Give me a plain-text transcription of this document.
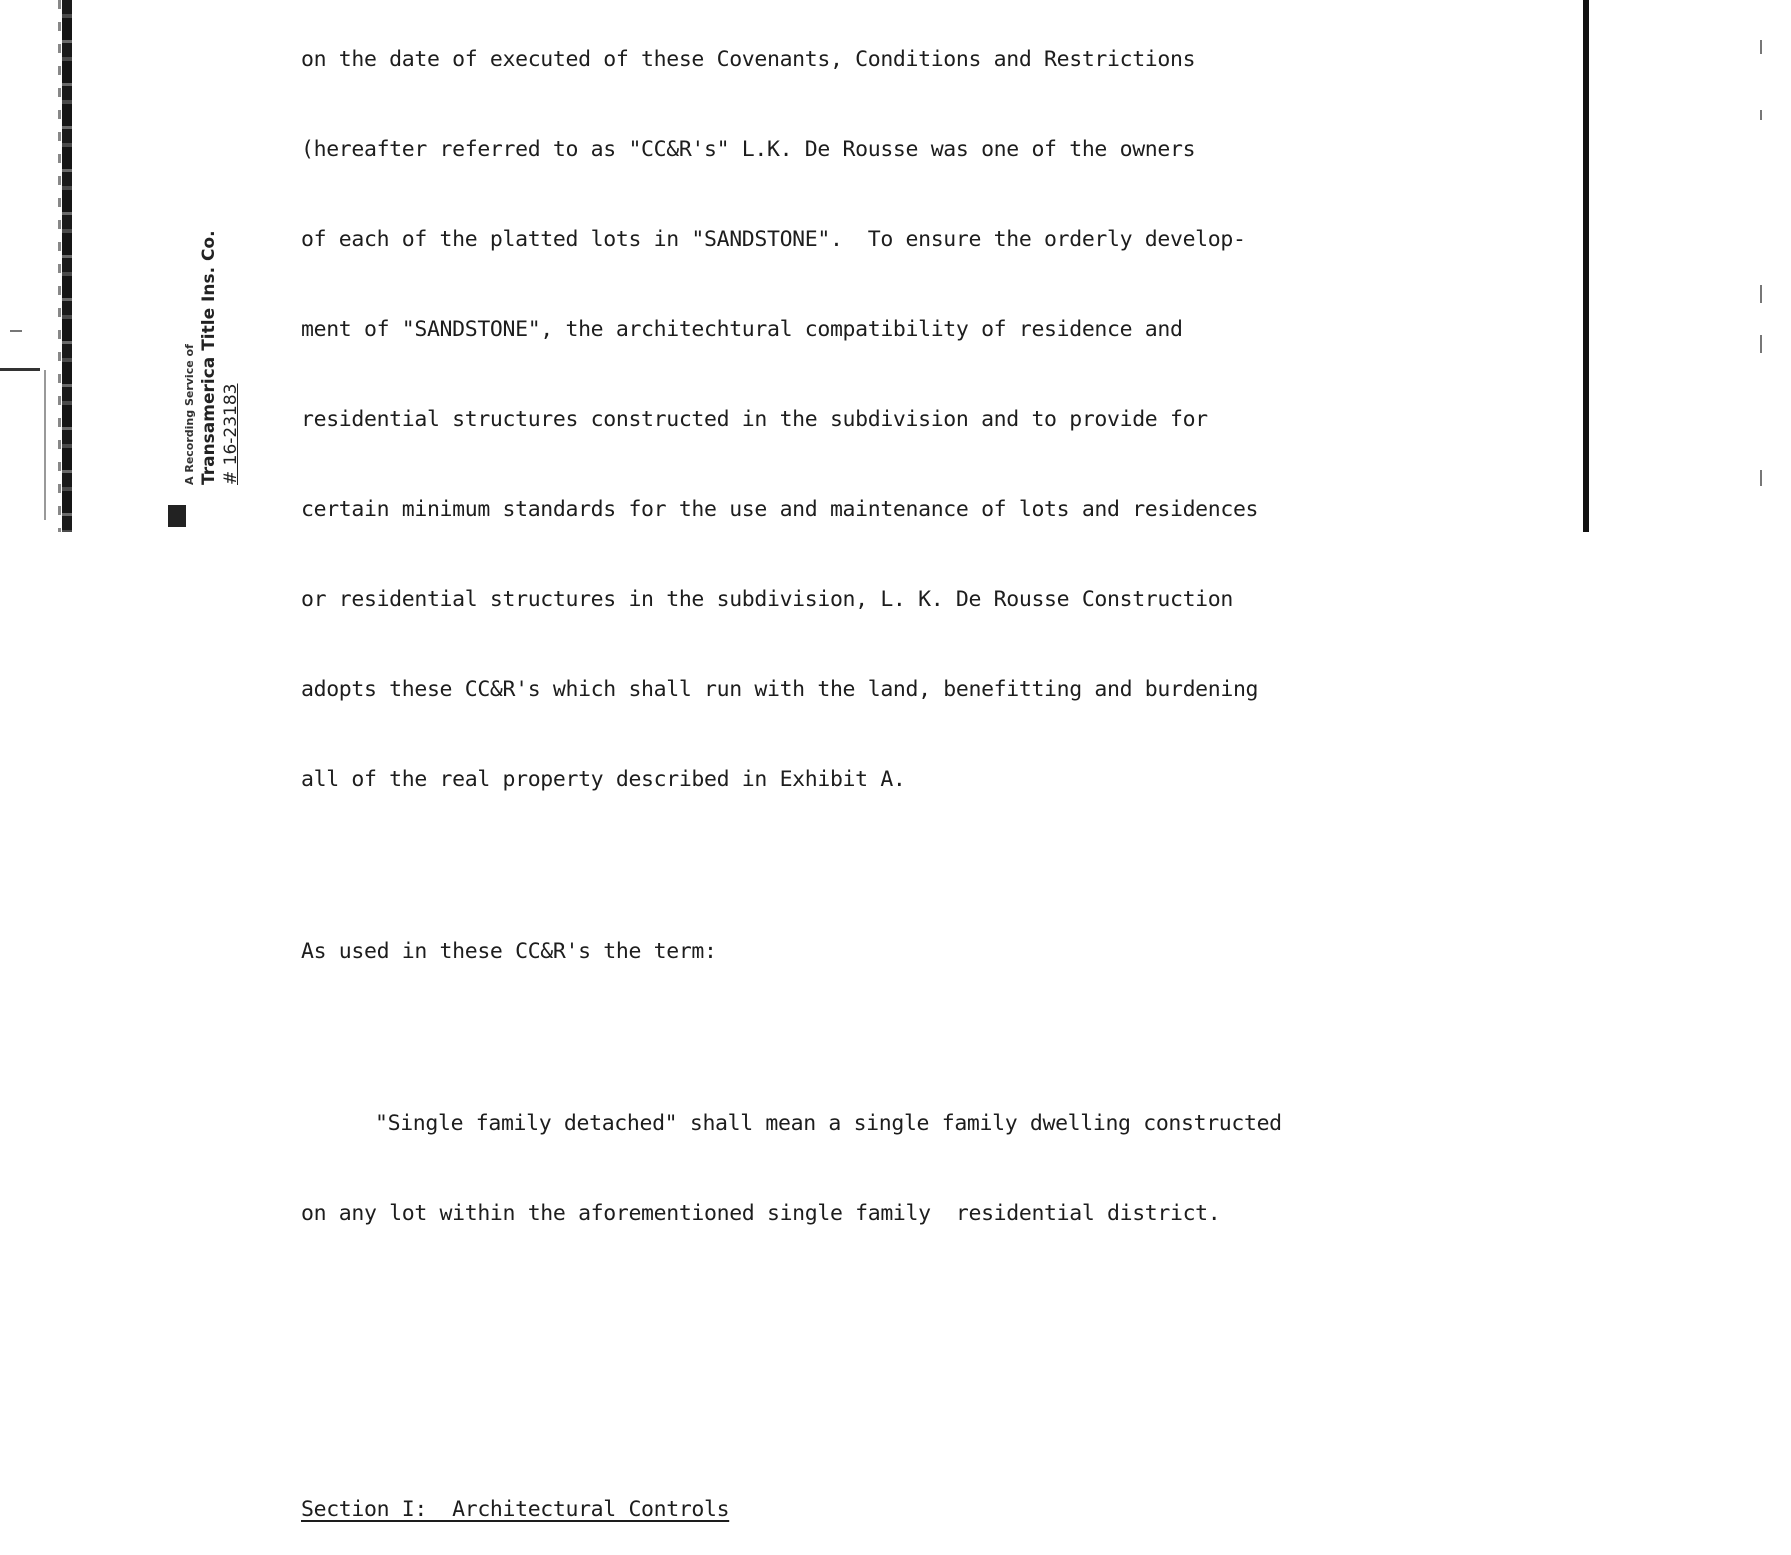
on the date of executed of these Covenants, Conditions and Restrictions

(hereafter referred to as "CC&R's" L.K. De Rousse was one of the owners

of each of the platted lots in "SANDSTONE".  To ensure the orderly develop-

ment of "SANDSTONE", the architechtural compatibility of residence and

residential structures constructed in the subdivision and to provide for

certain minimum standards for the use and maintenance of lots and residences

or residential structures in the subdivision, L. K. De Rousse Construction

adopts these CC&R's which shall run with the land, benefitting and burdening

all of the real property described in Exhibit A.

As used in these CC&R's the term:

"Single family detached" shall mean a single family dwelling constructed

on any lot within the aforementioned single family  residential district.

Section I:  Architectural Controls

A Recording Service of Transamerica Title Ins. Co. # 16-23183
